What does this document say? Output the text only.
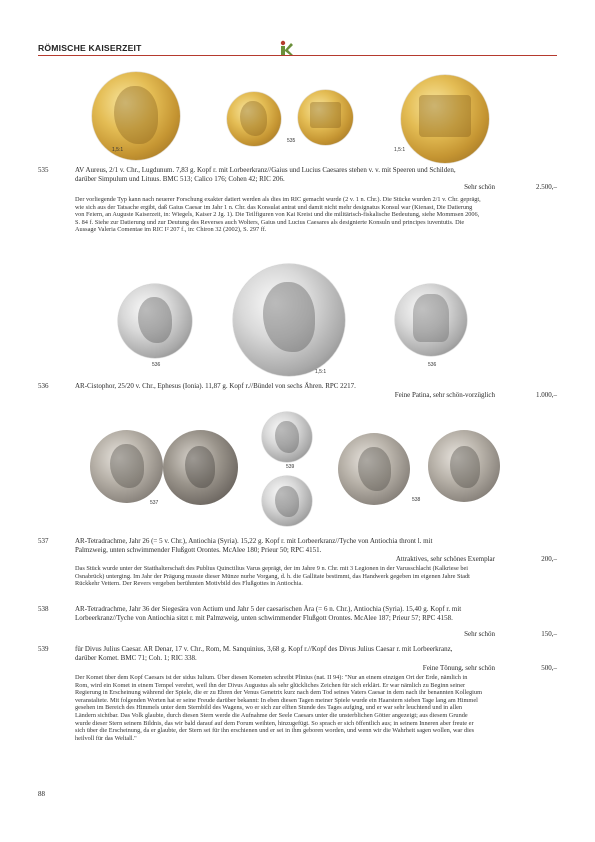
RÖMISCHE KAISERZEIT
1,5:1
535
1,5:1
535	AV Aureus, 2/1 v. Chr., Lugdunum. 7,83 g. Kopf r. mit Lorbeerkranz//Gaius und Lucius Caesares stehen v. v. mit Speeren und Schilden, darüber Simpulum und Lituus. BMC 513; Calico 176; Cohen 42; RIC 206.
Sehr schön	2.500,–
Der vorliegende Typ kann nach neuerer Forschung exakter datiert werden als dies im RIC gemacht wurde (2 v. 1 n. Chr.). Die Stücke wurden 2/1 v. Chr. geprägt, wie sich aus der Tatsache ergibt, daß Gaius Caesar im Jahr 1 n. Chr. das Konsulat antrat und damit nicht mehr designatus Konsul war (Kienast, Die Datierung von Feiern, an Auguste Kaiserzeit, in: Wiegels, Kaiser 2 Jg. 1). Die Teilfiguren von Kai Kreist und die militärisch-fiskalische Bedeutung, siehe Mommsen 2006, S. 84 f. Siehe zur Datierung und zur Deutung des Reverses auch Wolters, Gaius und Lucius Caesares als designierte Konsuln und principes iuventutis. Die Aussage Valeria Comentae im RIC I² 207 f., in: Chiron 32 (2002), S. 297 ff.
536
1,5:1
536
536	AR-Cistophor, 25/20 v. Chr., Ephesus (Ionia). 11,87 g. Kopf r.//Bündel von sechs Ähren. RPC 2217.
Feine Patina, sehr schön-vorzüglich	1.000,–
537
539
538
537	AR-Tetradrachme, Jahr 26 (= 5 v. Chr.), Antiochia (Syria). 15,22 g. Kopf r. mit Lorbeerkranz//Tyche von Antiochia thront l. mit Palmzweig, unten schwimmender Flußgott Orontes. McAlee 180; Prieur 50; RPC 4151.
Attraktives, sehr schönes Exemplar	200,–
Das Stück wurde unter der Statthalterschaft des Publius Quinctilius Varus geprägt, der im Jahre 9 n. Chr. mit 3 Legionen in der Varusschlacht (Kalkriese bei Osnabrück) unterging. Im Jahr der Prägung musste dieser Münze nurhe Vorgang, d. h. die Gallitate bestimmt, das Handwerk gegeben im eigenen Jahre Stadt Rückkehr Vettern. Der Revers vergeben berühmten Motivbild des Flußgottes in Antiochia.
538	AR-Tetradrachme, Jahr 36 der Siegesära von Actium und Jahr 5 der caesarischen Ära (= 6 n. Chr.), Antiochia (Syria). 15,40 g. Kopf r. mit Lorbeerkranz//Tyche von Antiochia sitzt r. mit Palmzweig, unten schwimmender Flußgott Orontes. McAlee 187; Prieur 57; RPC 4158.
Sehr schön	150,–
539	für Divus Julius Caesar. AR Denar, 17 v. Chr., Rom, M. Sanquinius, 3,68 g. Kopf r.//Kopf des Divus Julius Caesar r. mit Lorbeerkranz, darüber Komet. BMC 71; Coh. 1; RIC 338.
Feine Tönung, sehr schön	500,–
Der Komet über dem Kopf Caesars ist der sidus Iulium. Über diesen Kometen schreibt Plinius (nat. II 94): "Nur an einem einzigen Ort der Erde, nämlich in Rom, wird ein Komet in einem Tempel verehrt, weil ihn der Divus Augustus als sehr glückliches Zeichen für sich erklärt. Er war nämlich zu Beginn seiner Regierung in Erscheinung während der Spiele, die er zu Ehren der Venus Genetrix kurz nach dem Tod seines Vaters Caesar in dem nach ihr benannten Kollegium veranstaltete. Mit folgenden Worten hat er seine Freude darüber bekannt: In eben diesen Tagen meiner Spiele wurde ein Haarstern sieben Tage lang am Himmel gesehen im Bereich des Himmels unter dem Sternbild des Wagens, wo er sich zur elften Stunde des Tages aufging, und er war sehr leuchtend und in allen Ländern sichtbar. Das Volk glaubte, durch diesen Stern werde die Aufnahme der Seele Caesars unter die unsterblichen Götter angezeigt; aus diesem Grunde wurde dieser Stern seinem Bildnis, das wir bald darauf auf dem Forum weihten, hinzugefügt. So sprach er sich öffentlich aus; in seinem Inneren aber freute er sich über die Erscheinung, da er glaubte, der Stern sei für ihn erschienen und er sei in ihm geboren worden, und wenn wir die Wahrheit sagen wollen, war dies heilvoll für das Weltall."
88
